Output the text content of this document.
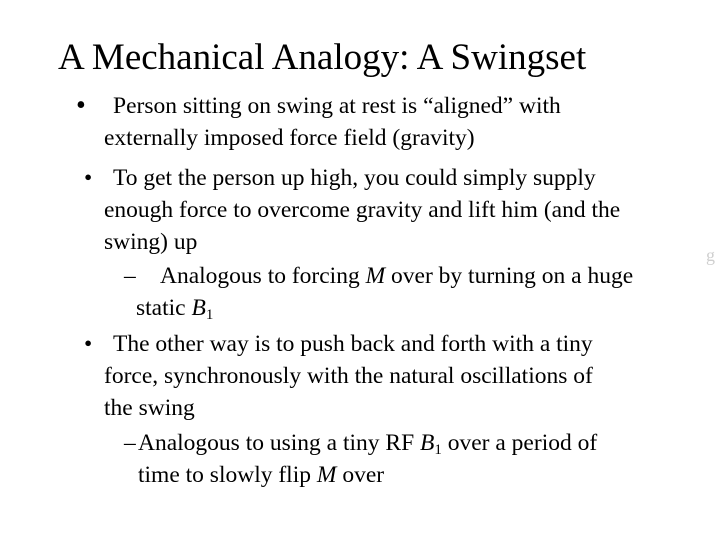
A Mechanical Analogy: A Swingset
• Person sitting on swing at rest is “aligned” with
externally imposed force field (gravity)
• To get the person up high, you could simply supply
enough force to overcome gravity and lift him (and the
swing) up
– Analogous to forcing M over by turning on a huge
static $B_1$
• The other way is to push back and forth with a tiny
force, synchronously with the natural oscillations of
the swing
– Analogous to using a tiny RF $B_1$ over a period of
time to slowly flip M over
g
